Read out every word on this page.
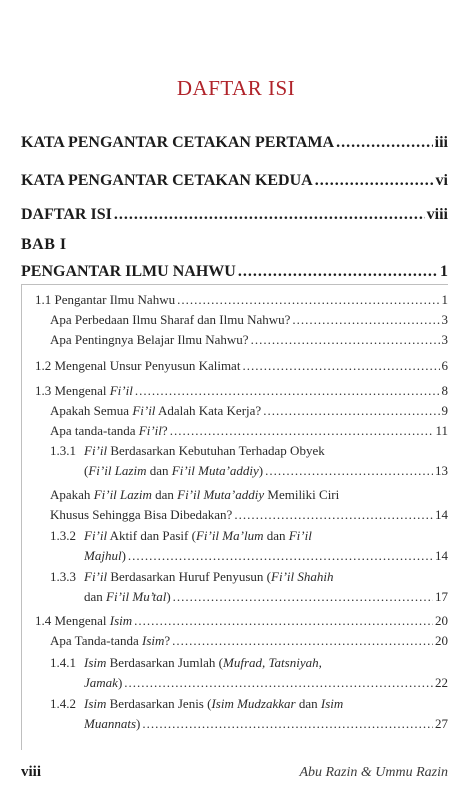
DAFTAR ISI
KATA PENGANTAR CETAKAN PERTAMA .....	iii
KATA PENGANTAR CETAKAN KEDUA .....	vi
DAFTAR ISI .....	viii
BAB I
PENGANTAR ILMU NAHWU .....	1
1.1 Pengantar Ilmu Nahwu .....	1
Apa Perbedaan Ilmu Sharaf dan Ilmu Nahwu? .....	3
Apa Pentingnya Belajar Ilmu Nahwu? .....	3
1.2 Mengenal Unsur Penyusun Kalimat .....	6
1.3 Mengenal Fi’il .....	8
Apakah Semua Fi’il Adalah Kata Kerja? .....	9
Apa tanda-tanda Fi’il? .....	11
1.3.1 Fi’il Berdasarkan Kebutuhan Terhadap Obyek
(Fi’il Lazim dan Fi’il Muta’addiy) .....	13
Apakah Fi’il Lazim dan Fi’il Muta’addiy Memiliki Ciri
Khusus Sehingga Bisa Dibedakan? .....	14
1.3.2 Fi’il Aktif dan Pasif (Fi’il Ma’lum dan Fi’il
Majhul) .....	14
1.3.3 Fi’il Berdasarkan Huruf Penyusun (Fi’il Shahih
dan Fi’il Mu’tal) .....	17
1.4 Mengenal Isim .....	20
Apa Tanda-tanda Isim? .....	20
1.4.1 Isim Berdasarkan Jumlah (Mufrad, Tatsniyah,
Jamak) .....	22
1.4.2 Isim Berdasarkan Jenis (Isim Mudzakkar dan Isim
Muannats) .....	27
viii	Abu Razin & Ummu Razin
